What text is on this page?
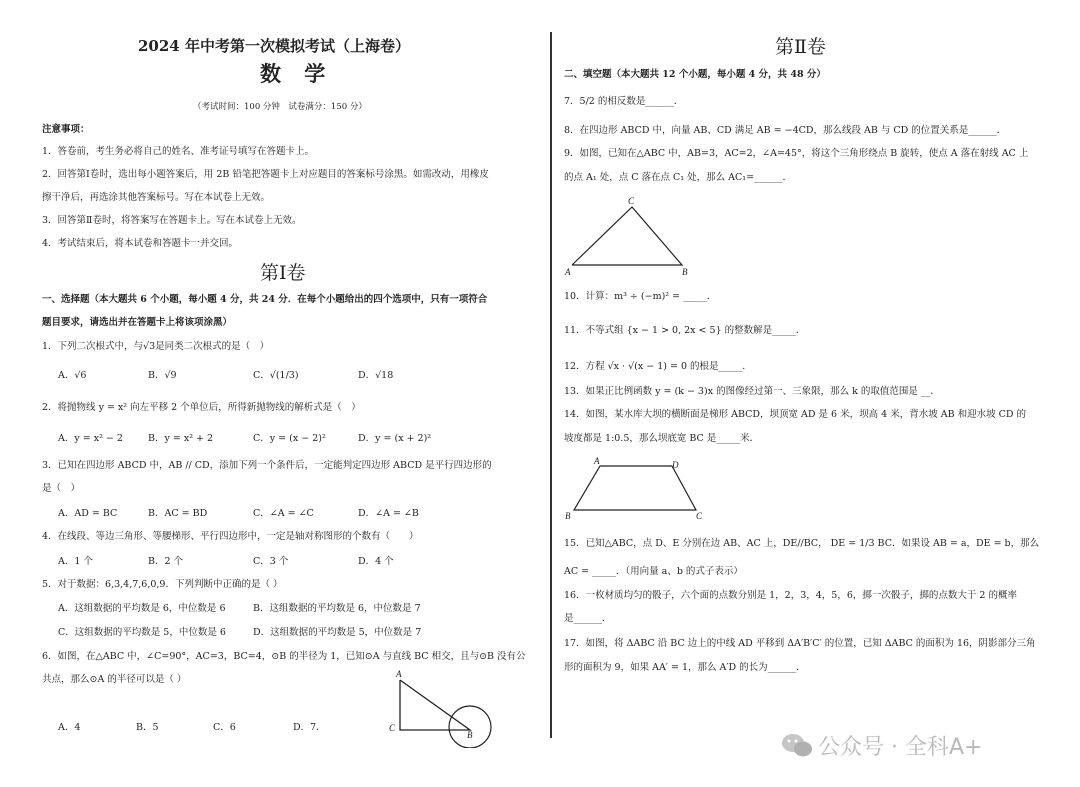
2024 年中考第一次模拟考试（上海卷）
数 学
（考试时间：100 分钟　试卷满分：150 分）
注意事项：
1．答卷前，考生务必将自己的姓名、准考证号填写在答题卡上。
2．回答第Ⅰ卷时，选出每小题答案后，用 2B 铅笔把答题卡上对应题目的答案标号涂黑。如需改动，用橡皮
擦干净后，再选涂其他答案标号。写在本试卷上无效。
3．回答第Ⅱ卷时，将答案写在答题卡上。写在本试卷上无效。
4．考试结束后，将本试卷和答题卡一并交回。
第Ⅰ卷
一、选择题（本大题共 6 个小题，每小题 4 分，共 24 分．在每个小题给出的四个选项中，只有一项符合
题目要求，请选出并在答题卡上将该项涂黑）
1．下列二次根式中，与√3是同类二次根式的是（　）
A．√6	B．√9	C．√(1/3)	D．√18
2．将抛物线 y = x² 向左平移 2 个单位后，所得新抛物线的解析式是（　）
A．y = x² − 2	B．y = x² + 2	C．y = (x − 2)²	D．y = (x + 2)²
3．已知在四边形 ABCD 中，AB // CD，添加下列一个条件后，一定能判定四边形 ABCD 是平行四边形的
是（　）
A．AD = BC	B．AC = BD	C．∠A = ∠C	D．∠A = ∠B
4．在线段、等边三角形、等腰梯形、平行四边形中，一定是轴对称图形的个数有（　　）
A．1 个	B．2 个	C．3 个	D．4 个
5．对于数据：6,3,4,7,6,0,9．下列判断中正确的是（ ）
A．这组数据的平均数是 6，中位数是 6	B．这组数据的平均数是 6，中位数是 7
C．这组数据的平均数是 5，中位数是 6	D．这组数据的平均数是 5，中位数是 7
6．如图，在△ABC 中，∠C=90°，AC=3，BC=4，⊙B 的半径为 1，已知⊙A 与直线 BC 相交，且与⊙B 没有公
共点，那么⊙A 的半径可以是（ ）
A．4	B．5	C．6	D．7．
A
C
B
第Ⅱ卷
二、填空题（本大题共 12 个小题，每小题 4 分，共 48 分）
7．5/2 的相反数是______．
8．在四边形 ABCD 中，向量 AB、CD 满足 AB = −4CD，那么线段 AB 与 CD 的位置关系是______．
9．如图，已知在△ABC 中，AB=3，AC=2，∠A=45°，将这个三角形绕点 B 旋转，使点 A 落在射线 AC 上
的点 A₁ 处，点 C 落在点 C₁ 处，那么 AC₁=______．
C
A	B
10．计算：m³ ÷ (−m)² = _____．
11．不等式组 {x − 1 > 0, 2x < 5} 的整数解是_____．
12．方程 √x · √(x − 1) = 0 的根是_____．
13．如果正比例函数 y = (k − 3)x 的图像经过第一、三象限，那么 k 的取值范围是 __．
14．如图，某水库大坝的横断面是梯形 ABCD，坝顶宽 AD 是 6 米，坝高 4 米，背水坡 AB 和迎水坡 CD 的
坡度都是 1:0.5，那么坝底宽 BC 是_____米．
A	D
B	C
15．已知△ABC，点 D、E 分别在边 AB、AC 上，DE//BC， DE = 1/3 BC．如果设 AB = a，DE = b，那么
AC = _____．（用向量 a、b 的式子表示）
16．一枚材质均匀的骰子，六个面的点数分别是 1，2，3，4，5，6，掷一次骰子，掷的点数大于 2 的概率
是______．
17．如图，将 ΔABC 沿 BC 边上的中线 AD 平移到 ΔA′B′C′ 的位置，已知 ΔABC 的面积为 16，阴影部分三角
形的面积为 9，如果 AA′ = 1，那么 A′D 的长为______．
公众号 · 全科A+
